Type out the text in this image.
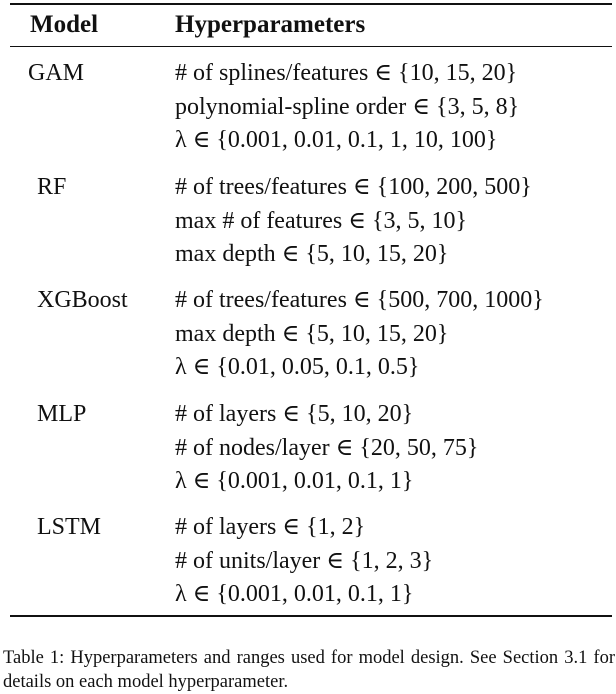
Model	Hyperparameters
GAM	# of splines/features ∈ {10, 15, 20}
polynomial-spline order ∈ {3, 5, 8}
λ ∈ {0.001, 0.01, 0.1, 1, 10, 100}
RF	# of trees/features ∈ {100, 200, 500}
max # of features ∈ {3, 5, 10}
max depth ∈ {5, 10, 15, 20}
XGBoost # of trees/features ∈ {500, 700, 1000}
max depth ∈ {5, 10, 15, 20}
λ ∈ {0.01, 0.05, 0.1, 0.5}
MLP	# of layers ∈ {5, 10, 20}
# of nodes/layer ∈ {20, 50, 75}
λ ∈ {0.001, 0.01, 0.1, 1}
LSTM	# of layers ∈ {1, 2}
# of units/layer ∈ {1, 2, 3}
λ ∈ {0.001, 0.01, 0.1, 1}

Table 1: Hyperparameters and ranges used for model design. See Section 3.1 for details on each model hyperparameter.
